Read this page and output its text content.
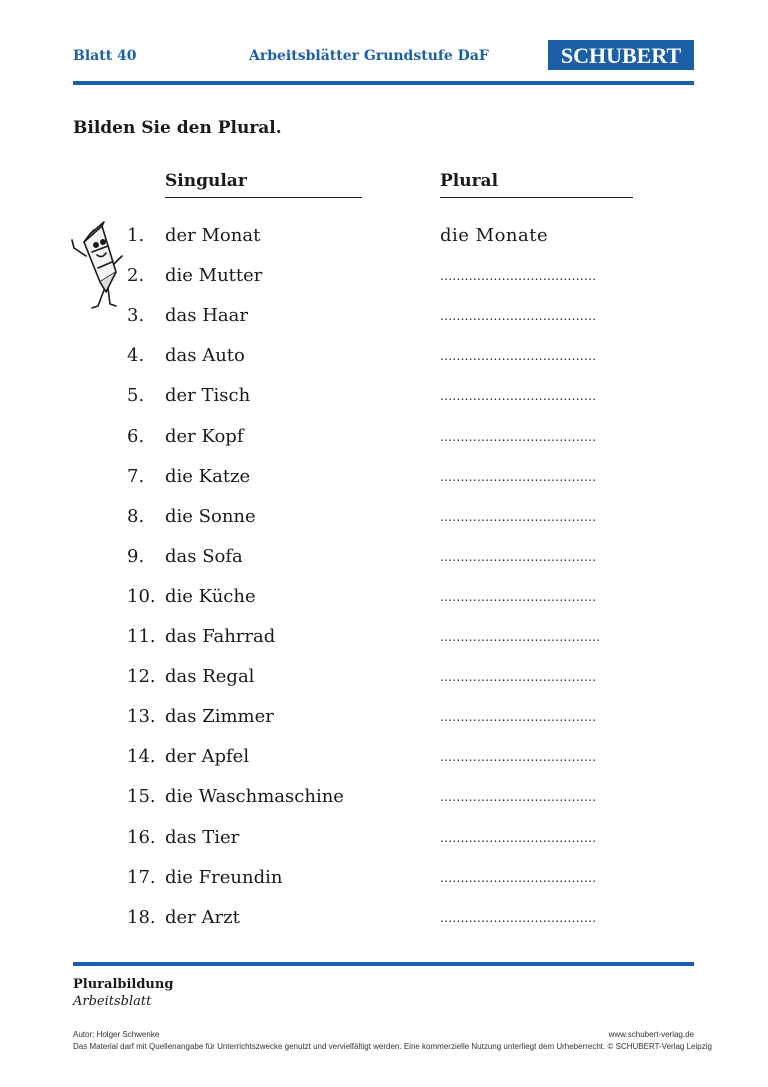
Blatt 40	Arbeitsblätter Grundstufe DaF	SCHUBERT
Bilden Sie den Plural.
Singular	Plural
1. der Monat	die Monate
2. die Mutter	......................................
3. das Haar	......................................
4. das Auto	......................................
5. der Tisch	......................................
6. der Kopf	......................................
7. die Katze	......................................
8. die Sonne	......................................
9. das Sofa	......................................
10. die Küche	......................................
11. das Fahrrad	.......................................
12. das Regal	......................................
13. das Zimmer	......................................
14. der Apfel	......................................
15. die Waschmaschine	......................................
16. das Tier	......................................
17. die Freundin	......................................
18. der Arzt	......................................
Pluralbildung
Arbeitsblatt
Autor: Holger Schwenke	www.schubert-verlag.de
Das Material darf mit Quellenangabe für Unterrichtszwecke genutzt und vervielfältigt werden. Eine kommerzielle Nutzung unterliegt dem Urheberrecht. © SCHUBERT-Verlag Leipzig
